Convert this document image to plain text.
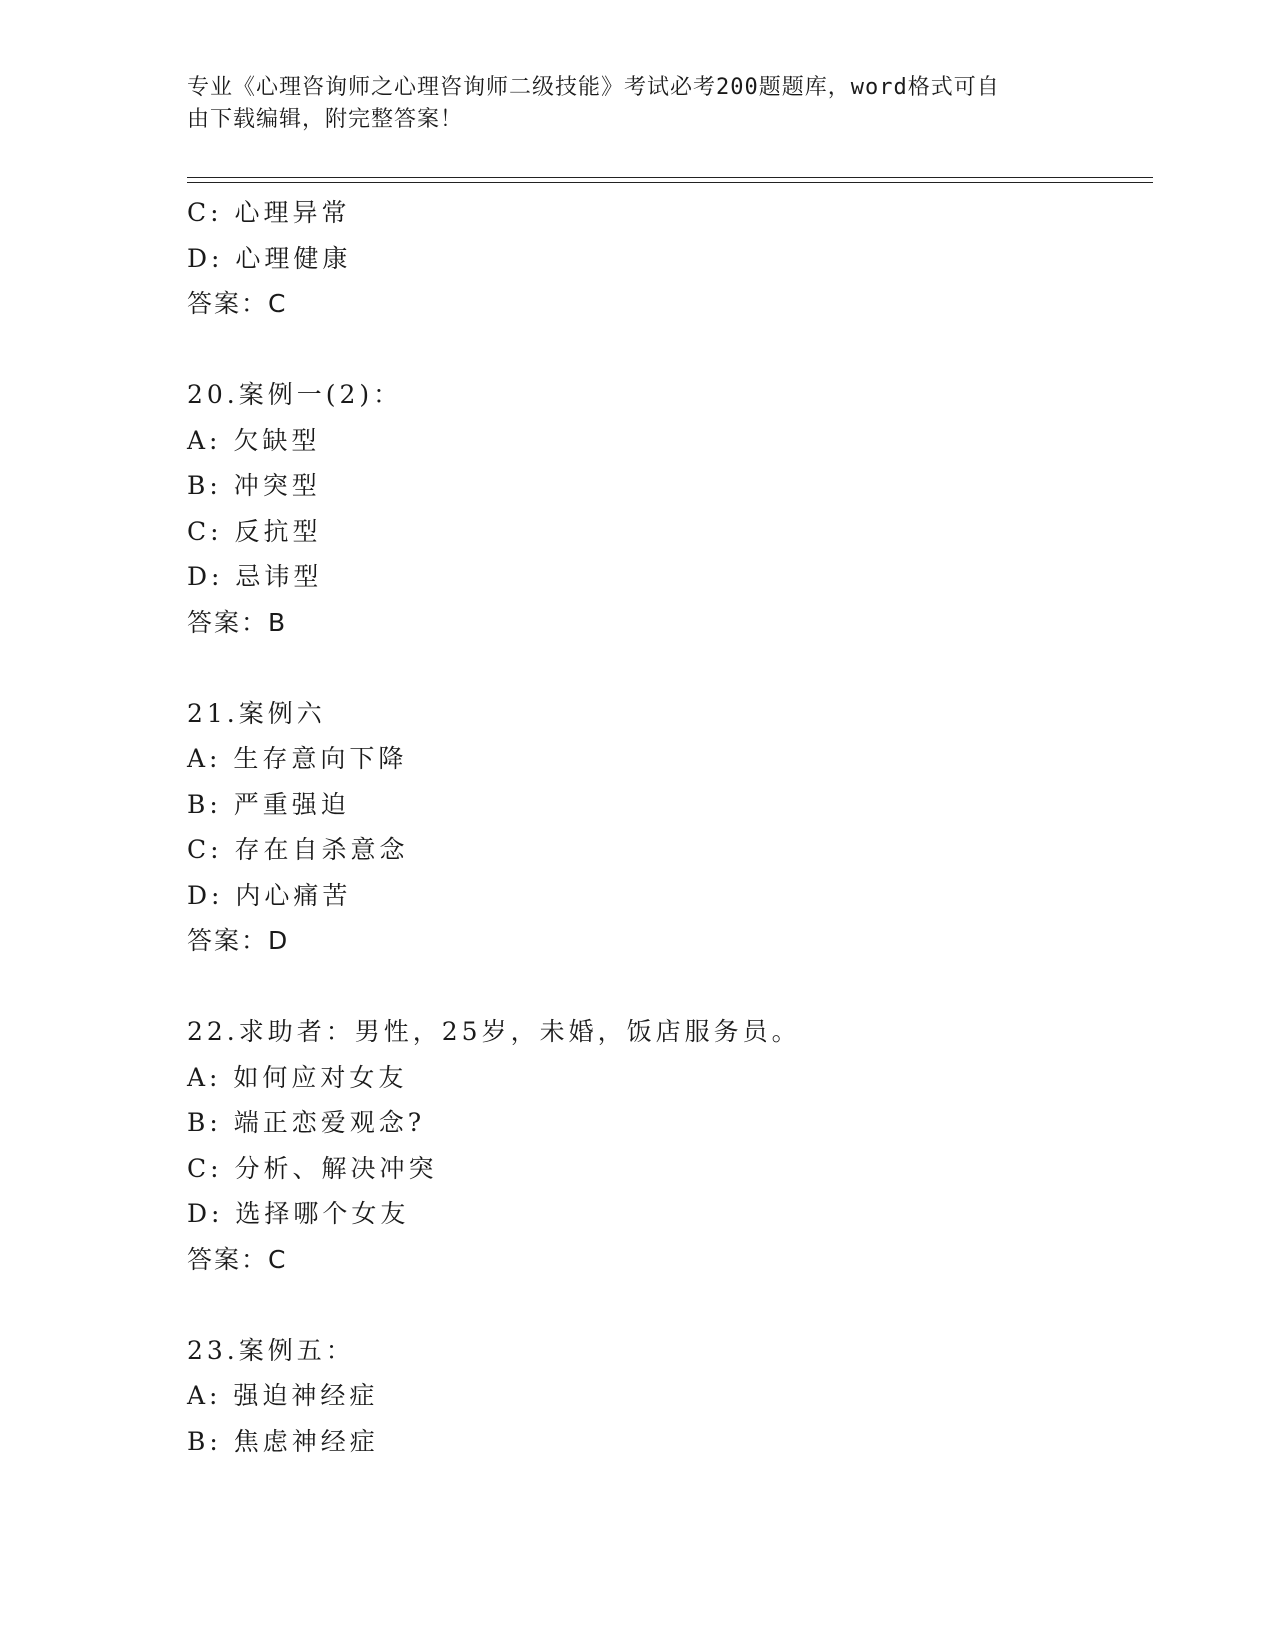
专业《心理咨询师之心理咨询师二级技能》考试必考200题题库，word格式可自
由下载编辑，附完整答案！
C: 心理异常
D: 心理健康
答案：C
20.案例一(2)：
A: 欠缺型
B: 冲突型
C: 反抗型
D: 忌讳型
答案：B
21.案例六
A: 生存意向下降
B: 严重强迫
C: 存在自杀意念
D: 内心痛苦
答案：D
22.求助者：男性，25岁，未婚，饭店服务员。
A: 如何应对女友
B: 端正恋爱观念?
C: 分析、解决冲突
D: 选择哪个女友
答案：C
23.案例五：
A: 强迫神经症
B: 焦虑神经症
